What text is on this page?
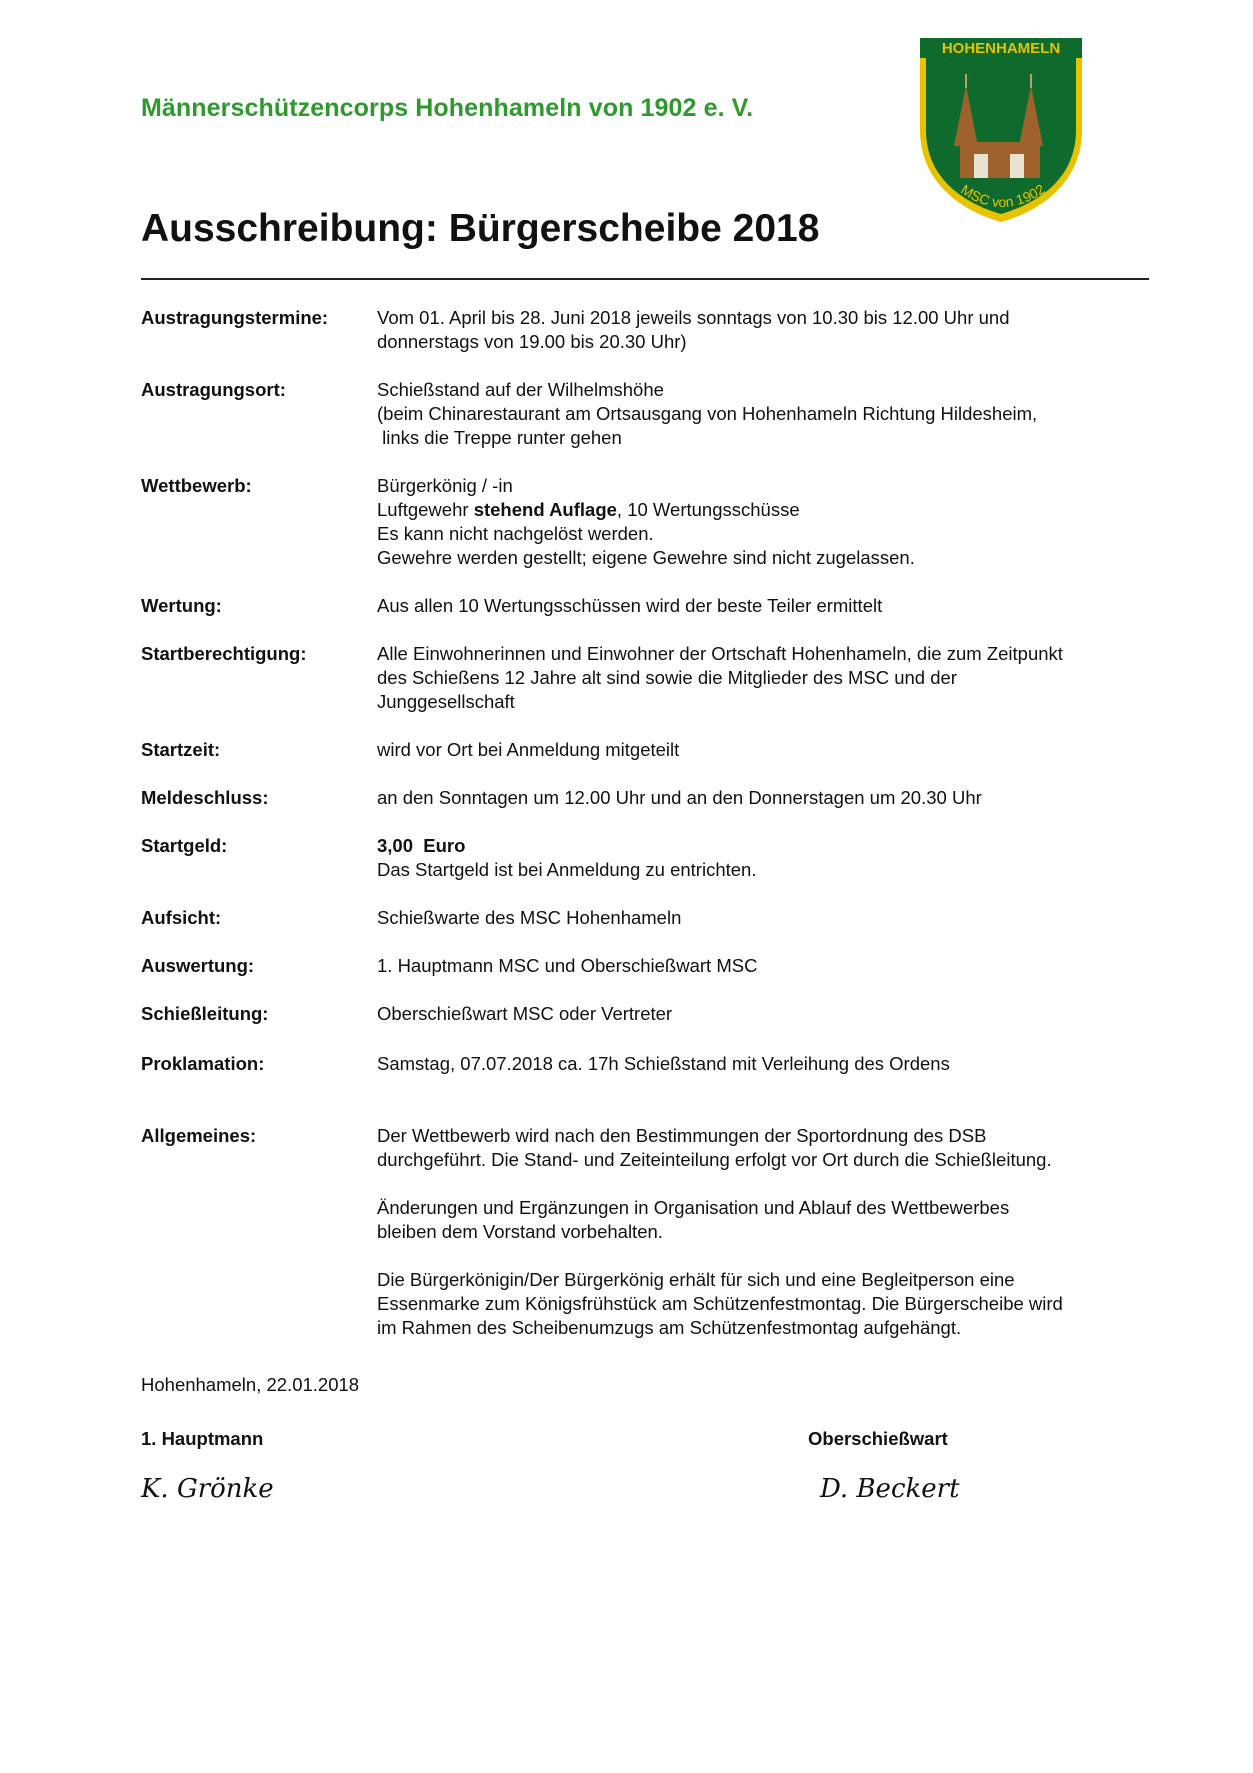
Männerschützencorps Hohenhameln von 1902 e. V.
HOHENHAMELN
MSC von 1902
Ausschreibung: Bürgerscheibe 2018
Austragungstermine:	Vom 01. April bis 28. Juni 2018 jeweils sonntags von 10.30 bis 12.00 Uhr und
donnerstags von 19.00 bis 20.30 Uhr)
Austragungsort:	Schießstand auf der Wilhelmshöhe
(beim Chinarestaurant am Ortsausgang von Hohenhameln Richtung Hildesheim,
links die Treppe runter gehen
Wettbewerb:	Bürgerkönig / -in
Luftgewehr stehend Auflage, 10 Wertungsschüsse
Es kann nicht nachgelöst werden.
Gewehre werden gestellt; eigene Gewehre sind nicht zugelassen.
Wertung:	Aus allen 10 Wertungsschüssen wird der beste Teiler ermittelt
Startberechtigung:	Alle Einwohnerinnen und Einwohner der Ortschaft Hohenhameln, die zum Zeitpunkt
des Schießens 12 Jahre alt sind sowie die Mitglieder des MSC und der
Junggesellschaft
Startzeit:	wird vor Ort bei Anmeldung mitgeteilt
Meldeschluss:	an den Sonntagen um 12.00 Uhr und an den Donnerstagen um 20.30 Uhr
Startgeld:	3,00  Euro
Das Startgeld ist bei Anmeldung zu entrichten.
Aufsicht:	Schießwarte des MSC Hohenhameln
Auswertung:	1. Hauptmann MSC und Oberschießwart MSC
Schießleitung:	Oberschießwart MSC oder Vertreter
Proklamation:	Samstag, 07.07.2018 ca. 17h Schießstand mit Verleihung des Ordens
Allgemeines:	Der Wettbewerb wird nach den Bestimmungen der Sportordnung des DSB
durchgeführt. Die Stand- und Zeiteinteilung erfolgt vor Ort durch die Schießleitung.
Änderungen und Ergänzungen in Organisation und Ablauf des Wettbewerbes
bleiben dem Vorstand vorbehalten.
Die Bürgerkönigin/Der Bürgerkönig erhält für sich und eine Begleitperson eine
Essenmarke zum Königsfrühstück am Schützenfestmontag. Die Bürgerscheibe wird
im Rahmen des Scheibenumzugs am Schützenfestmontag aufgehängt.
Hohenhameln, 22.01.2018
1. Hauptmann	Oberschießwart
K. Grönke	D. Beckert
